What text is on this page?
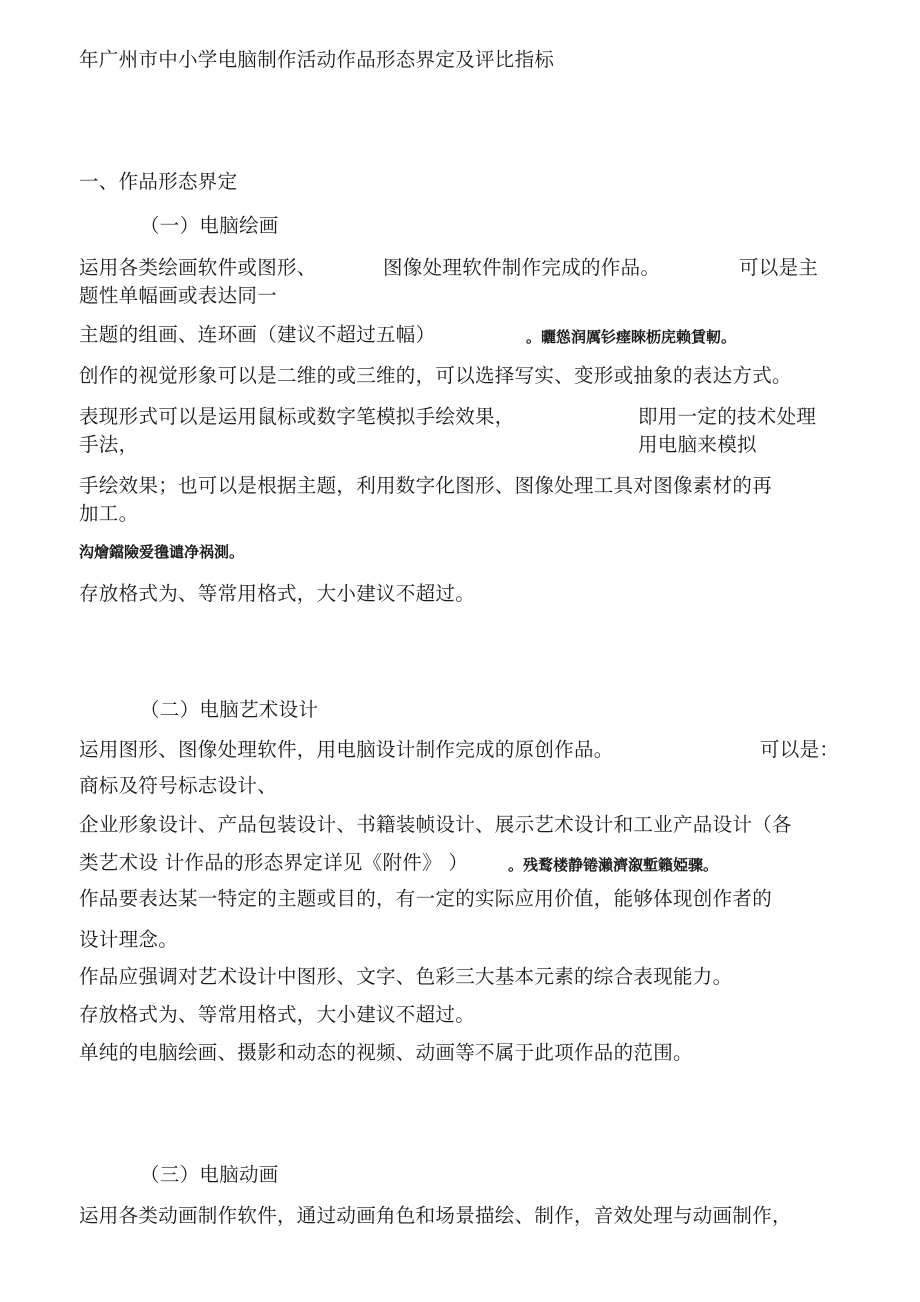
年广州市中小学电脑制作活动作品形态界定及评比指标
一、作品形态界定
（一）电脑绘画
运用各类绘画软件或图形、	图像处理软件制作完成的作品。	可以是主
题性单幅画或表达同一
主题的组画、连环画（建议不超过五幅）	。曬慫润厲钐瘗睞枥庑赖賃軔。
创作的视觉形象可以是二维的或三维的，可以选择写实、变形或抽象的表达方式。
表现形式可以是运用鼠标或数字笔模拟手绘效果，	即用一定的技术处理
手法，	用电脑来模拟
手绘效果；也可以是根据主题，利用数字化图形、图像处理工具对图像素材的再
加工。
沟燴鐺險爱氇谴净祸測。
存放格式为、等常用格式，大小建议不超过。
（二）电脑艺术设计
运用图形、图像处理软件，用电脑设计制作完成的原创作品。	可以是：
商标及符号标志设计、
企业形象设计、产品包装设计、书籍装帧设计、展示艺术设计和工业产品设计（各
类艺术设 计作品的形态界定详见《附件》 ）	。残鹜楼静锩瀨濟溆塹籟婭骤。
作品要表达某一特定的主题或目的，有一定的实际应用价值，能够体现创作者的
设计理念。
作品应强调对艺术设计中图形、文字、色彩三大基本元素的综合表现能力。
存放格式为、等常用格式，大小建议不超过。
单纯的电脑绘画、摄影和动态的视频、动画等不属于此项作品的范围。
（三）电脑动画
运用各类动画制作软件，通过动画角色和场景描绘、制作，音效处理与动画制作，
